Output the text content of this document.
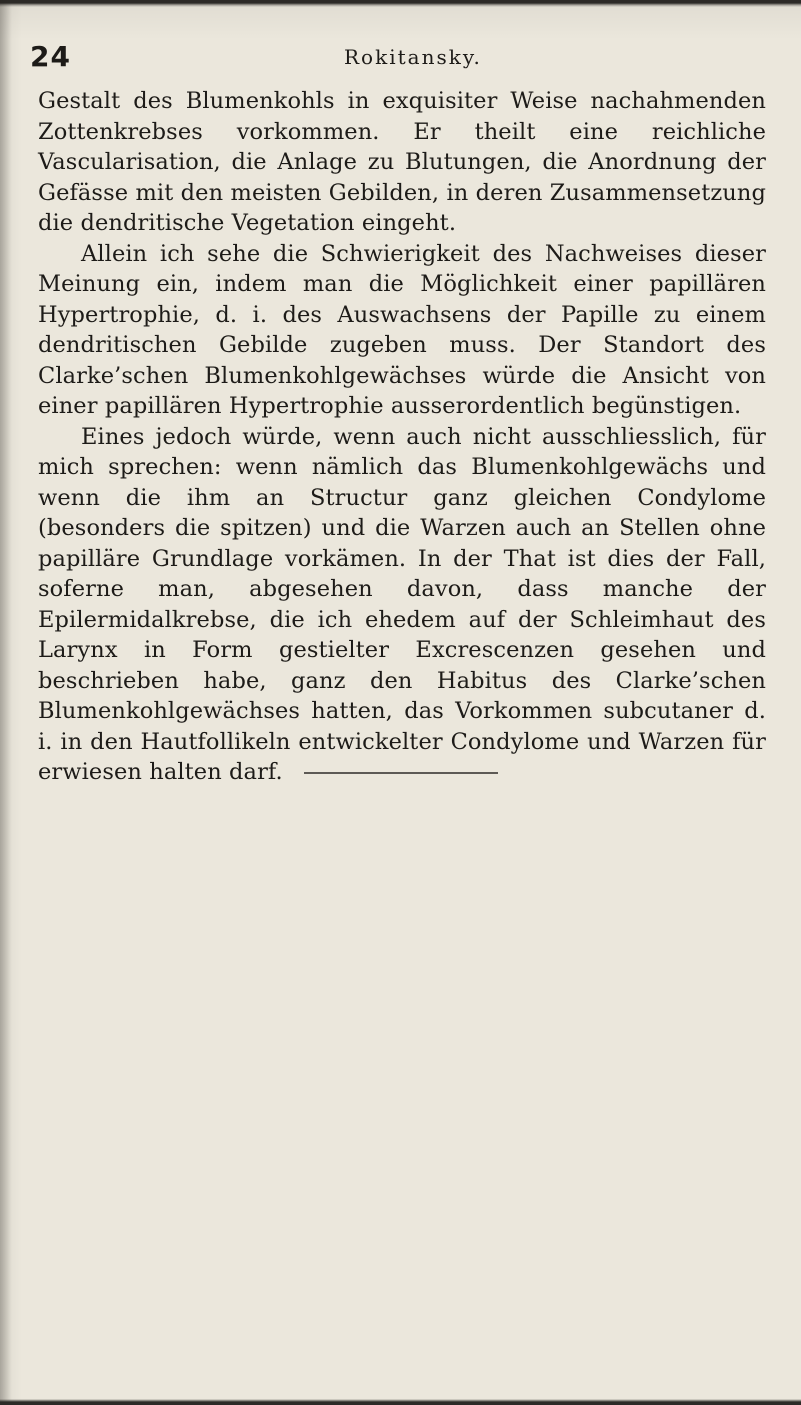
24	Rokitansky.

Gestalt des Blumenkohls in exquisiter Weise nachahmenden Zottenkrebses vorkommen. Er theilt eine reichliche Vascularisation, die Anlage zu Blutungen, die Anordnung der Gefässe mit den meisten Gebilden, in deren Zusammensetzung die dendritische Vegetation eingeht.

Allein ich sehe die Schwierigkeit des Nachweises dieser Meinung ein, indem man die Möglichkeit einer papillären Hypertrophie, d. i. des Auswachsens der Papille zu einem dendritischen Gebilde zugeben muss. Der Standort des Clarke’schen Blumenkohlgewächses würde die Ansicht von einer papillären Hypertrophie ausserordentlich begünstigen.

Eines jedoch würde, wenn auch nicht ausschliesslich, für mich sprechen: wenn nämlich das Blumenkohlgewächs und wenn die ihm an Structur ganz gleichen Condylome (besonders die spitzen) und die Warzen auch an Stellen ohne papilläre Grundlage vorkämen. In der That ist dies der Fall, soferne man, abgesehen davon, dass manche der Epilermidalkrebse, die ich ehedem auf der Schleimhaut des Larynx in Form gestielter Excrescenzen gesehen und beschrieben habe, ganz den Habitus des Clarke’schen Blumenkohlgewächses hatten, das Vorkommen subcutaner d. i. in den Hautfollikeln entwickelter Condylome und Warzen für erwiesen halten darf.
